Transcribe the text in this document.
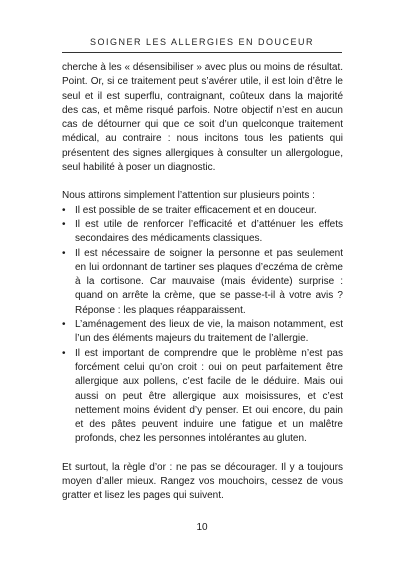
SOIGNER LES ALLERGIES EN DOUCEUR

cherche à les « désensibiliser » avec plus ou moins de résultat. Point. Or, si ce traitement peut s’avérer utile, il est loin d’être le seul et il est superflu, contraignant, coûteux dans la majorité des cas, et même risqué parfois. Notre objectif n’est en aucun cas de détourner qui que ce soit d’un quelconque traitement médical, au contraire : nous incitons tous les patients qui présentent des signes allergiques à consulter un allergologue, seul habilité à poser un diagnostic.

Nous attirons simplement l’attention sur plusieurs points :

• Il est possible de se traiter efficacement et en douceur.
• Il est utile de renforcer l’efficacité et d’atténuer les effets secondaires des médicaments classiques.
• Il est nécessaire de soigner la personne et pas seulement en lui ordonnant de tartiner ses plaques d’eczéma de crème à la cortisone. Car mauvaise (mais évidente) surprise : quand on arrête la crème, que se passe-t-il à votre avis ? Réponse : les plaques réapparaissent.
• L’aménagement des lieux de vie, la maison notamment, est l’un des éléments majeurs du traitement de l’allergie.
• Il est important de comprendre que le problème n’est pas forcément celui qu’on croit : oui on peut parfaitement être allergique aux pollens, c’est facile de le déduire. Mais oui aussi on peut être allergique aux moisissures, et c’est nettement moins évident d’y penser. Et oui encore, du pain et des pâtes peuvent induire une fatigue et un malêtre profonds, chez les personnes intolérantes au gluten.

Et surtout, la règle d’or : ne pas se décourager. Il y a toujours moyen d’aller mieux. Rangez vos mouchoirs, cessez de vous gratter et lisez les pages qui suivent.

10
